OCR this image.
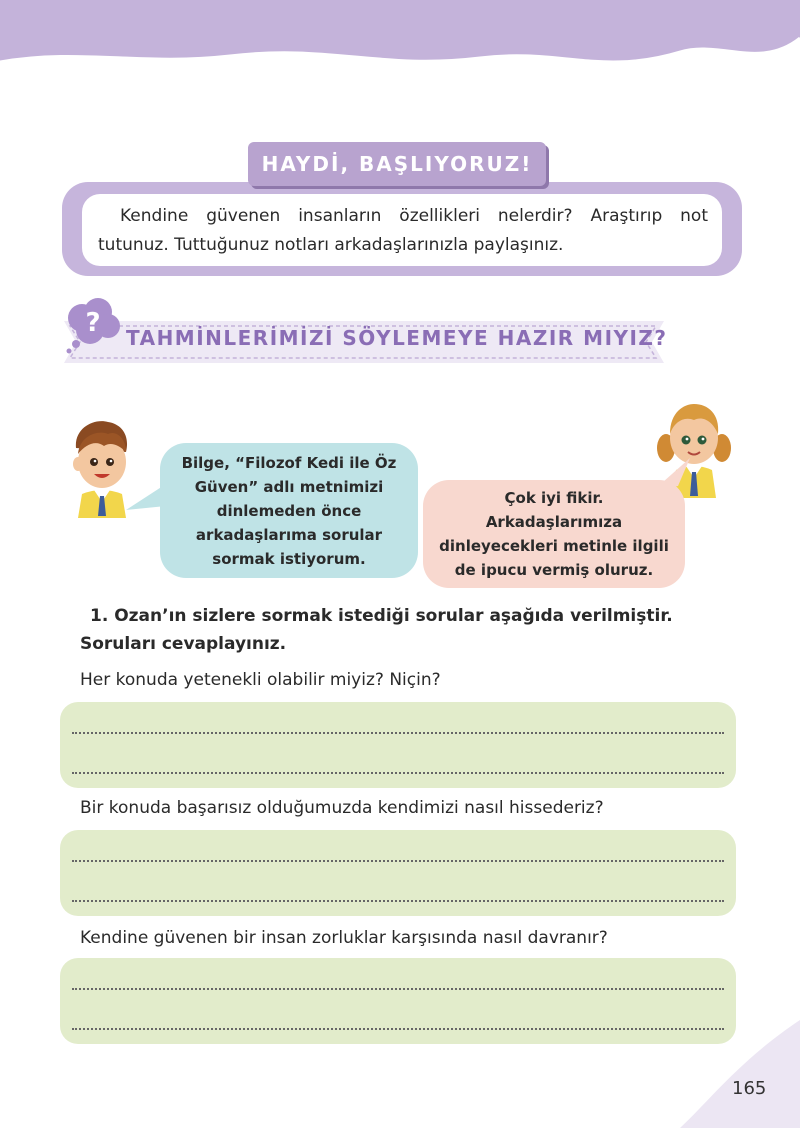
HAYDİ, BAŞLIYORUZ!
Kendine güvenen insanların özellikleri nelerdir? Araştırıp not tutunuz. Tuttuğunuz notları arkadaşlarınızla paylaşınız.
? TAHMİNLERİMİZİ SÖYLEMEYE HAZIR MIYIZ?
Bilge, “Filozof Kedi ile Öz Güven” adlı metnimizi dinlemeden önce arkadaşlarıma sorular sormak istiyorum.
Çok iyi fikir. Arkadaşlarımıza dinleyecekleri metinle ilgili de ipucu vermiş oluruz.
1. Ozan’ın sizlere sormak istediği sorular aşağıda verilmiştir. Soruları cevaplayınız.
Her konuda yetenekli olabilir miyiz? Niçin?
Bir konuda başarısız olduğumuzda kendimizi nasıl hissederiz?
Kendine güvenen bir insan zorluklar karşısında nasıl davranır?
165
